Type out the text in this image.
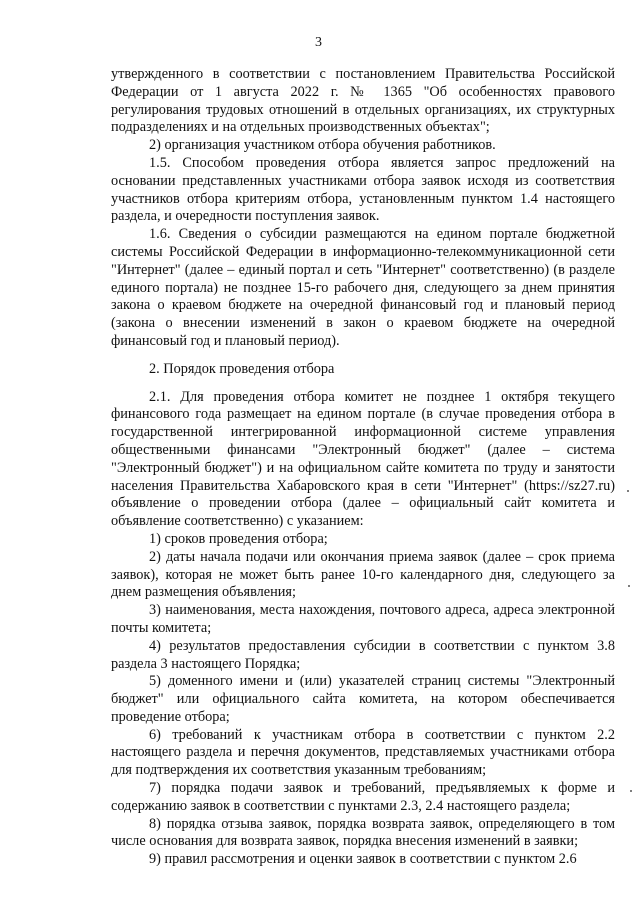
3

утвержденного в соответствии с постановлением Правительства Российской Федерации от 1 августа 2022 г. № 1365 "Об особенностях правового регулирования трудовых отношений в отдельных организациях, их структурных подразделениях и на отдельных производственных объектах";

2) организация участником отбора обучения работников.

1.5. Способом проведения отбора является запрос предложений на основании представленных участниками отбора заявок исходя из соответствия участников отбора критериям отбора, установленным пунктом 1.4 настоящего раздела, и очередности поступления заявок.

1.6. Сведения о субсидии размещаются на едином портале бюджетной системы Российской Федерации в информационно-телекоммуникационной сети "Интернет" (далее – единый портал и сеть "Интернет" соответственно) (в разделе единого портала) не позднее 15-го рабочего дня, следующего за днем принятия закона о краевом бюджете на очередной финансовый год и плановый период (закона о внесении изменений в закон о краевом бюджете на очередной финансовый год и плановый период).

2. Порядок проведения отбора

2.1. Для проведения отбора комитет не позднее 1 октября текущего финансового года размещает на едином портале (в случае проведения отбора в государственной интегрированной информационной системе управления общественными финансами "Электронный бюджет" (далее – система "Электронный бюджет") и на официальном сайте комитета по труду и занятости населения Правительства Хабаровского края в сети "Интернет" (https://sz27.ru) объявление о проведении отбора (далее – официальный сайт комитета и объявление соответственно) с указанием:

1) сроков проведения отбора;

2) даты начала подачи или окончания приема заявок (далее – срок приема заявок), которая не может быть ранее 10-го календарного дня, следующего за днем размещения объявления;

3) наименования, места нахождения, почтового адреса, адреса электронной почты комитета;

4) результатов предоставления субсидии в соответствии с пунктом 3.8 раздела 3 настоящего Порядка;

5) доменного имени и (или) указателей страниц системы "Электронный бюджет" или официального сайта комитета, на котором обеспечивается проведение отбора;

6) требований к участникам отбора в соответствии с пунктом 2.2 настоящего раздела и перечня документов, представляемых участниками отбора для подтверждения их соответствия указанным требованиям;

7) порядка подачи заявок и требований, предъявляемых к форме и содержанию заявок в соответствии с пунктами 2.3, 2.4 настоящего раздела;

8) порядка отзыва заявок, порядка возврата заявок, определяющего в том числе основания для возврата заявок, порядка внесения изменений в заявки;

9) правил рассмотрения и оценки заявок в соответствии с пунктом 2.6
